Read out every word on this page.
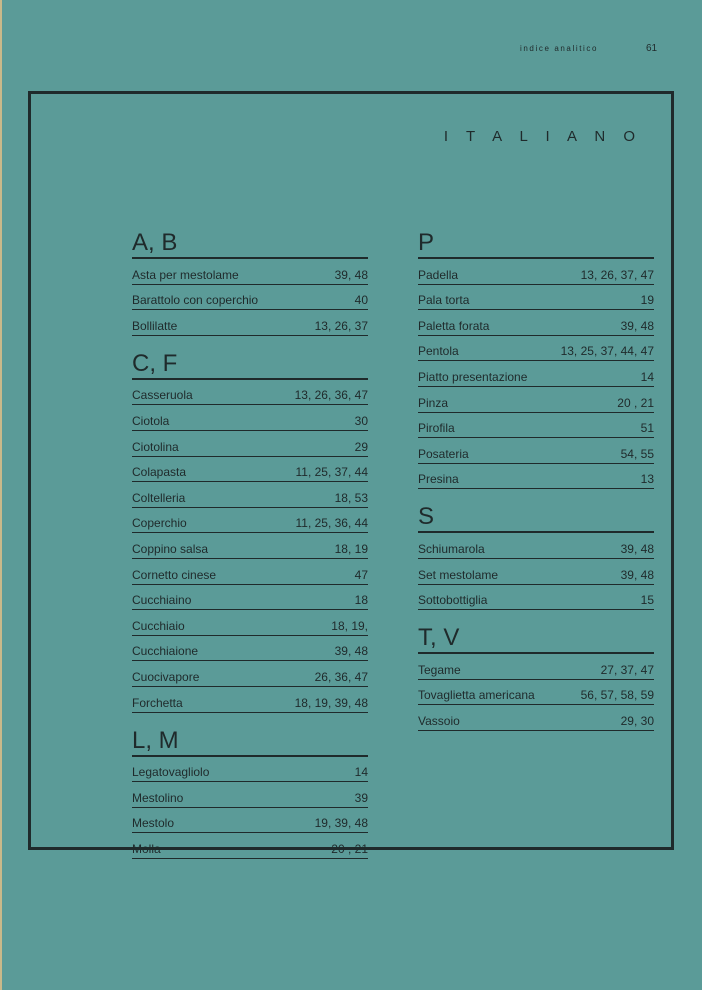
indice analitico	61
I T A L I A N O
A, B
Asta per mestolame	39, 48
Barattolo con coperchio	40
Bollilatte	13, 26, 37
C, F
Casseruola	13, 26, 36, 47
Ciotola	30
Ciotolina	29
Colapasta	11, 25, 37, 44
Coltelleria	18, 53
Coperchio	11, 25, 36, 44
Coppino salsa	18, 19
Cornetto cinese	47
Cucchiaino	18
Cucchiaio	18, 19,
Cucchiaione	39, 48
Cuocivapore	26, 36, 47
Forchetta	18, 19, 39, 48
L, M
Legatovagliolo	14
Mestolino	39
Mestolo	19, 39, 48
Molla	20 , 21
P
Padella	13, 26, 37, 47
Pala torta	19
Paletta forata	39, 48
Pentola	13, 25, 37, 44, 47
Piatto presentazione	14
Pinza	20 , 21
Pirofila	51
Posateria	54, 55
Presina	13
S
Schiumarola	39, 48
Set mestolame	39, 48
Sottobottiglia	15
T, V
Tegame	27, 37, 47
Tovaglietta americana	56, 57, 58, 59
Vassoio	29, 30
